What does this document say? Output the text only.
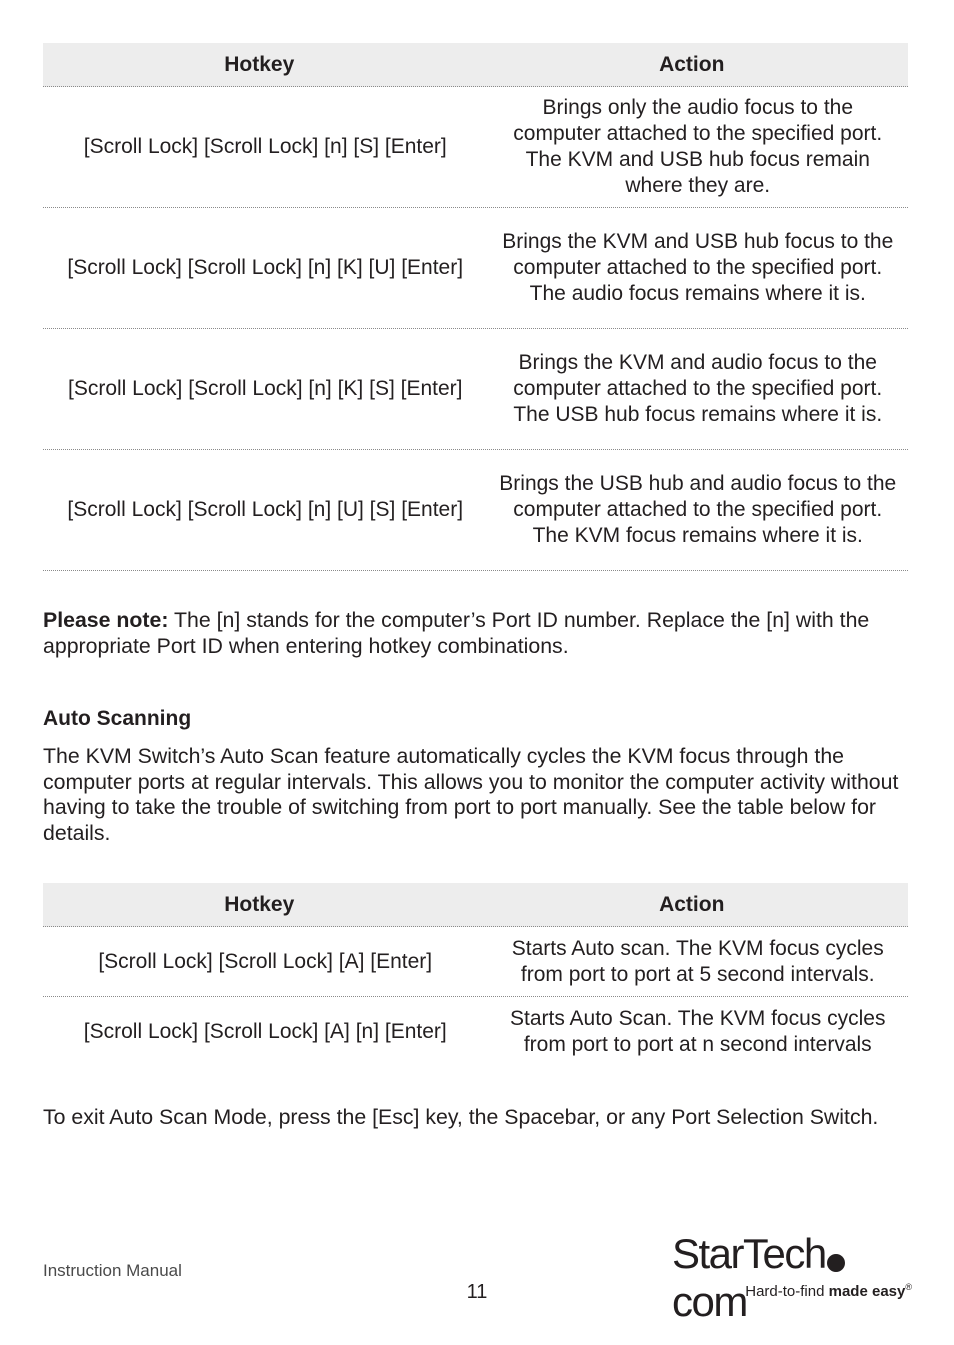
Hotkey	Action
[Scroll Lock] [Scroll Lock] [n] [S] [Enter]
Brings only the audio focus to the computer attached to the specified port. The KVM and USB hub focus remain where they are.
[Scroll Lock] [Scroll Lock] [n] [K] [U] [Enter]
Brings the KVM and USB hub focus to the computer attached to the specified port. The audio focus remains where it is.
[Scroll Lock] [Scroll Lock] [n] [K] [S] [Enter]
Brings the KVM and audio focus to the computer attached to the specified port. The USB hub focus remains where it is.
[Scroll Lock] [Scroll Lock] [n] [U] [S] [Enter]
Brings the USB hub and audio focus to the computer attached to the specified port. The KVM focus remains where it is.
Please note: The [n] stands for the computer’s Port ID number. Replace the [n] with the appropriate Port ID when entering hotkey combinations.
Auto Scanning
The KVM Switch’s Auto Scan feature automatically cycles the KVM focus through the computer ports at regular intervals. This allows you to monitor the computer activity without having to take the trouble of switching from port to port manually. See the table below for details.
Hotkey	Action
[Scroll Lock] [Scroll Lock] [A] [Enter]
Starts Auto scan. The KVM focus cycles from port to port at 5 second intervals.
[Scroll Lock] [Scroll Lock] [A] [n] [Enter]
Starts Auto Scan. The KVM focus cycles from port to port at n second intervals
To exit Auto Scan Mode, press the [Esc] key, the Spacebar, or any Port Selection Switch.
Instruction Manual
11
StarTechcom
Hard-to-find made easy®
